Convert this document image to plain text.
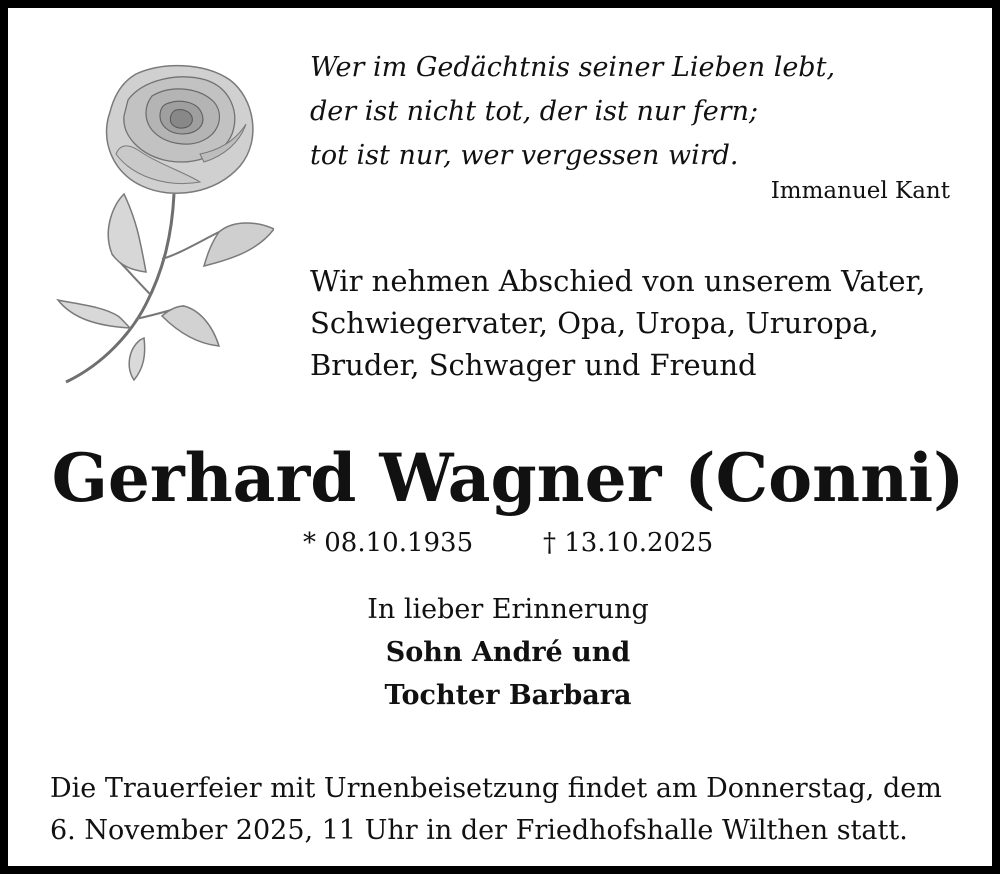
Wer im Gedächtnis seiner Lieben lebt,
der ist nicht tot, der ist nur fern;
tot ist nur, wer vergessen wird.
Immanuel Kant
Wir nehmen Abschied von unserem Vater,
Schwiegervater, Opa, Uropa, Ururopa,
Bruder, Schwager und Freund
Gerhard Wagner (Conni)
* 08.10.1935	† 13.10.2025
In lieber Erinnerung
Sohn André und
Tochter Barbara
Die Trauerfeier mit Urnenbeisetzung findet am Donnerstag, dem
6. November 2025, 11 Uhr in der Friedhofshalle Wilthen statt.
